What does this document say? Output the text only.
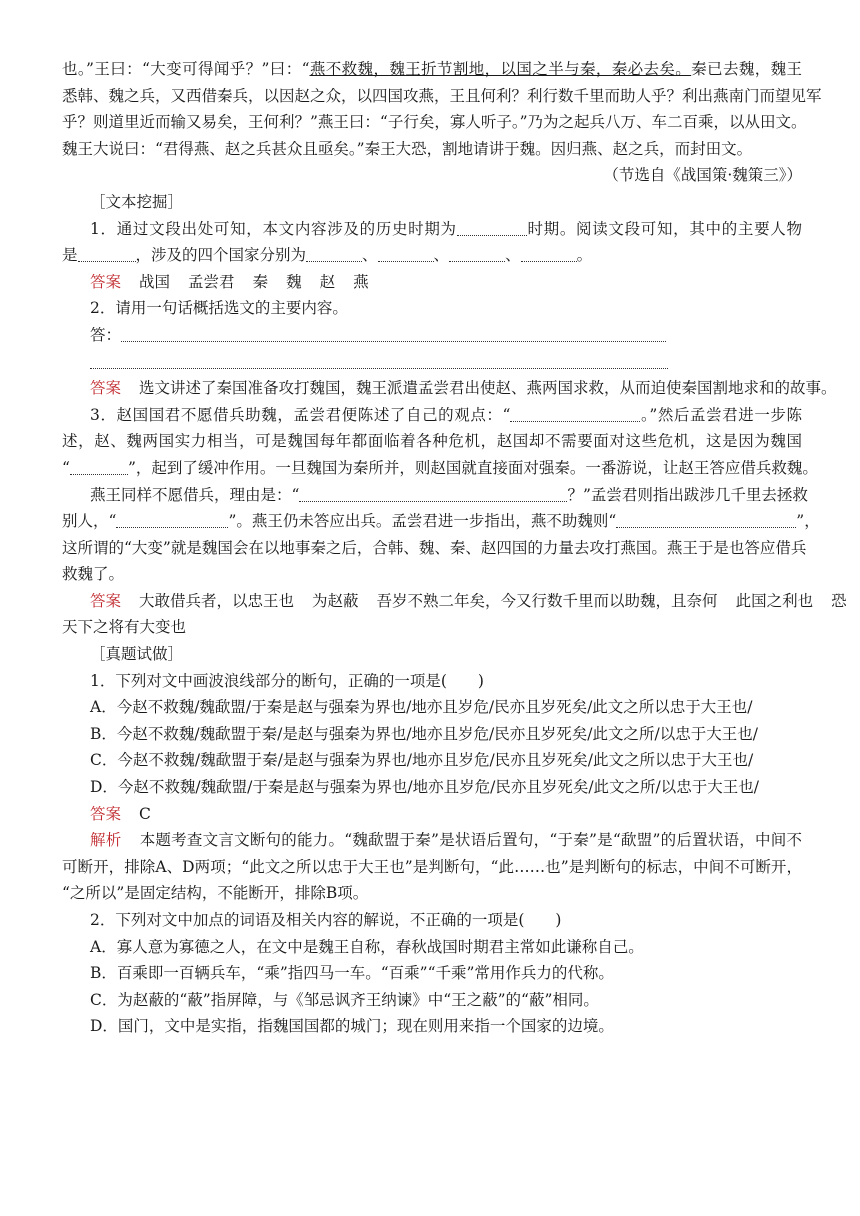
也。”王曰：“大变可得闻乎？”曰：“燕不救魏，魏王折节割地，以国之半与秦，秦必去矣。秦已去魏，魏王
悉韩、魏之兵，又西借秦兵，以因赵之众，以四国攻燕，王且何利？利行数千里而助人乎？利出燕南门而望见军
乎？则道里近而输又易矣，王何利？”燕王曰：“子行矣，寡人听子。”乃为之起兵八万、车二百乘，以从田文。
魏王大说曰：“君得燕、赵之兵甚众且亟矣。”秦王大恐，割地请讲于魏。因归燕、赵之兵，而封田文。
（节选自《战国策·魏策三》）
［文本挖掘］
1．通过文段出处可知，本文内容涉及的历史时期为	时期。阅读文段可知，其中的主要人物
是	，涉及的四个国家分别为	、	、	、	。
答案 战国 孟尝君 秦 魏 赵 燕
2．请用一句话概括选文的主要内容。
答：
答案 选文讲述了秦国准备攻打魏国，魏王派遣孟尝君出使赵、燕两国求救，从而迫使秦国割地求和的故事。
3．赵国国君不愿借兵助魏，孟尝君便陈述了自己的观点：“	。”然后孟尝君进一步陈
述，赵、魏两国实力相当，可是魏国每年都面临着各种危机，赵国却不需要面对这些危机，这是因为魏国
“	”，起到了缓冲作用。一旦魏国为秦所并，则赵国就直接面对强秦。一番游说，让赵王答应借兵救魏。
燕王同样不愿借兵，理由是：“	？”孟尝君则指出跋涉几千里去拯救
别人，“	”。燕王仍未答应出兵。孟尝君进一步指出，燕不助魏则“	”，
这所谓的“大变”就是魏国会在以地事秦之后，合韩、魏、秦、赵四国的力量去攻打燕国。燕王于是也答应借兵
救魏了。
答案 大敢借兵者，以忠王也 为赵蔽 吾岁不熟二年矣，今又行数千里而以助魏，且奈何 此国之利也 恐
天下之将有大变也
［真题试做］
1．下列对文中画波浪线部分的断句，正确的一项是(　　)
A．今赵不救魏/魏歃盟/于秦是赵与强秦为界也/地亦且岁危/民亦且岁死矣/此文之所以忠于大王也/
B．今赵不救魏/魏歃盟于秦/是赵与强秦为界也/地亦且岁危/民亦且岁死矣/此文之所/以忠于大王也/
C．今赵不救魏/魏歃盟于秦/是赵与强秦为界也/地亦且岁危/民亦且岁死矣/此文之所以忠于大王也/
D．今赵不救魏/魏歃盟/于秦是赵与强秦为界也/地亦且岁危/民亦且岁死矣/此文之所/以忠于大王也/
答案 C
解析 本题考查文言文断句的能力。“魏歃盟于秦”是状语后置句，“于秦”是“歃盟”的后置状语，中间不
可断开，排除A、D两项；“此文之所以忠于大王也”是判断句，“此……也”是判断句的标志，中间不可断开，
“之所以”是固定结构，不能断开，排除B项。
2．下列对文中加点的词语及相关内容的解说，不正确的一项是(　　)
A．寡人意为寡德之人，在文中是魏王自称，春秋战国时期君主常如此谦称自己。
B．百乘即一百辆兵车，“乘”指四马一车。“百乘”“千乘”常用作兵力的代称。
C．为赵蔽的“蔽”指屏障，与《邹忌讽齐王纳谏》中“王之蔽”的“蔽”相同。
D．国门，文中是实指，指魏国国都的城门；现在则用来指一个国家的边境。
